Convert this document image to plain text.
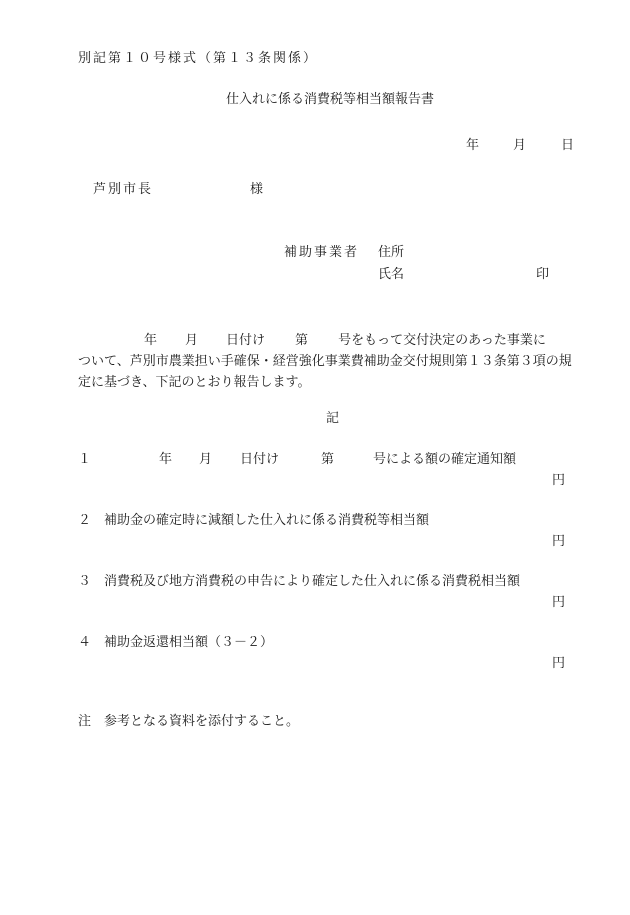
別記第１０号様式（第１３条関係）
仕入れに係る消費税等相当額報告書
年	月	日
芦別市長	様
補助事業者 住所
氏名	印
年 月 日付け 第 号をもって交付決定のあった事業に
ついて、芦別市農業担い手確保・経営強化事業費補助金交付規則第１３条第３項の規
定に基づき、下記のとおり報告します。
記
１	年 月 日付け	第	号による額の確定通知額
円
２ 補助金の確定時に減額した仕入れに係る消費税等相当額
円
３ 消費税及び地方消費税の申告により確定した仕入れに係る消費税相当額
円
４ 補助金返還相当額（３－２）
円
注　参考となる資料を添付すること。
